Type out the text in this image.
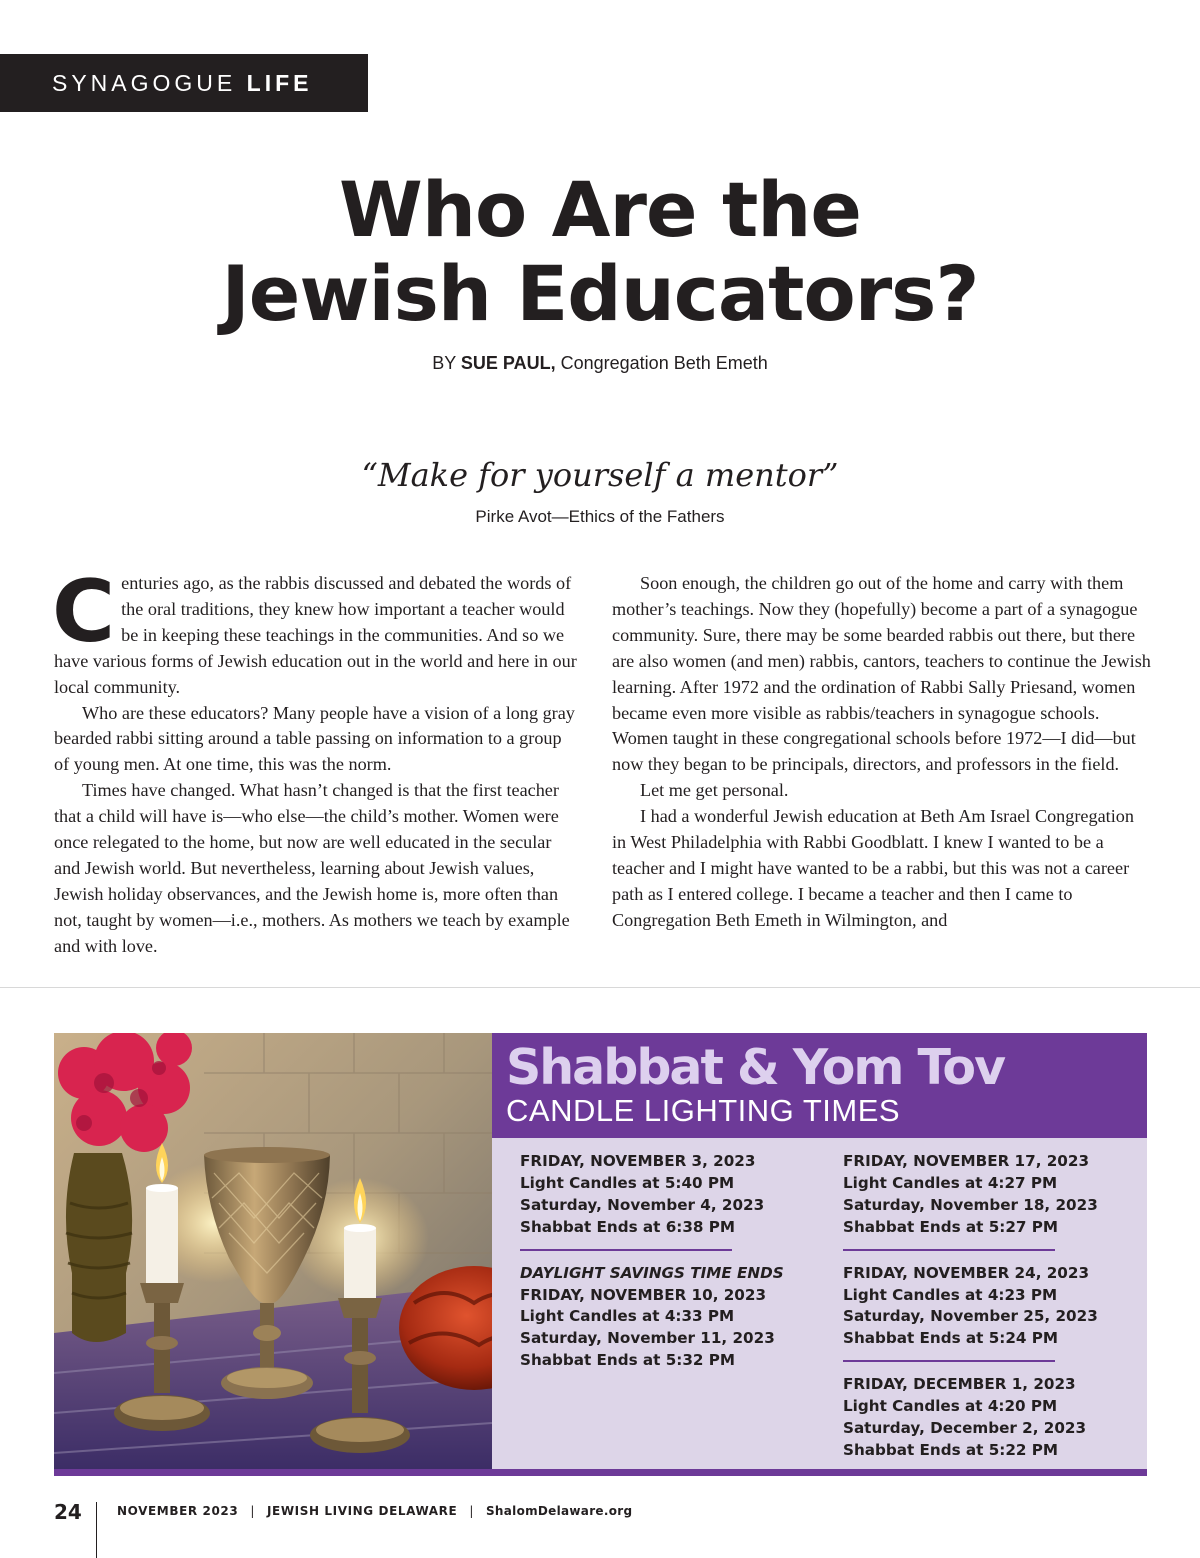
SYNAGOGUE LIFE
Who Are the
Jewish Educators?
BY SUE PAUL, Congregation Beth Emeth
“Make for yourself a mentor”
Pirke Avot—Ethics of the Fathers

Centuries ago, as the rabbis discussed and debated the words of the oral traditions, they knew how important a teacher would be in keeping these teachings in the communities. And so we have various forms of Jewish education out in the world and here in our local community.

Who are these educators? Many people have a vision of a long gray bearded rabbi sitting around a table passing on information to a group of young men. At one time, this was the norm.

Times have changed. What hasn’t changed is that the first teacher that a child will have is—who else—the child’s mother. Women were once relegated to the home, but now are well educated in the secular and Jewish world. But nevertheless, learning about Jewish values, Jewish holiday observances, and the Jewish home is, more often than not, taught by women—i.e., mothers. As mothers we teach by example and with love.

Soon enough, the children go out of the home and carry with them mother’s teachings. Now they (hopefully) become a part of a synagogue community. Sure, there may be some bearded rabbis out there, but there are also women (and men) rabbis, cantors, teachers to continue the Jewish learning. After 1972 and the ordination of Rabbi Sally Priesand, women became even more visible as rabbis/teachers in synagogue schools. Women taught in these congregational schools before 1972—I did—but now they began to be principals, directors, and professors in the field.

Let me get personal.

I had a wonderful Jewish education at Beth Am Israel Congregation in West Philadelphia with Rabbi Goodblatt. I knew I wanted to be a teacher and I might have wanted to be a rabbi, but this was not a career path as I entered college. I became a teacher and then I came to Congregation Beth Emeth in Wilmington, and

Shabbat & Yom Tov
CANDLE LIGHTING TIMES
FRIDAY, NOVEMBER 3, 2023
Light Candles at 5:40 PM
Saturday, November 4, 2023
Shabbat Ends at 6:38 PM
DAYLIGHT SAVINGS TIME ENDS
FRIDAY, NOVEMBER 10, 2023
Light Candles at 4:33 PM
Saturday, November 11, 2023
Shabbat Ends at 5:32 PM
FRIDAY, NOVEMBER 17, 2023
Light Candles at 4:27 PM
Saturday, November 18, 2023
Shabbat Ends at 5:27 PM
FRIDAY, NOVEMBER 24, 2023
Light Candles at 4:23 PM
Saturday, November 25, 2023
Shabbat Ends at 5:24 PM
FRIDAY, DECEMBER 1, 2023
Light Candles at 4:20 PM
Saturday, December 2, 2023
Shabbat Ends at 5:22 PM
24	NOVEMBER 2023 | JEWISH LIVING DELAWARE | ShalomDelaware.org
